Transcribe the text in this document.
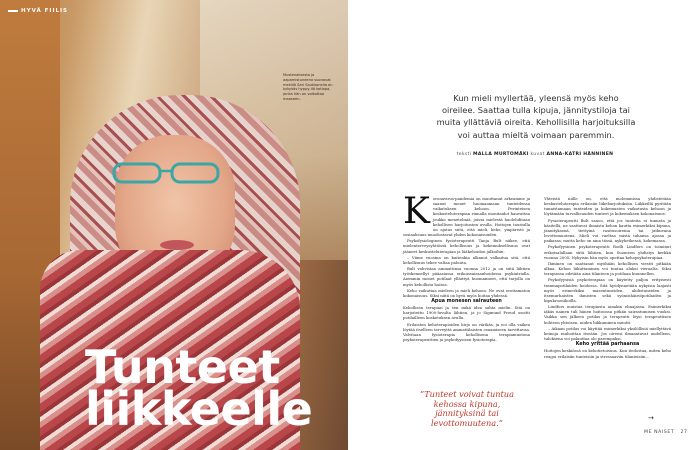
HYVÄ FIILIS
Mustenaksesta ja aapamistuneena suonavat mekillä Sari Saukkonella on kykykäs hyppy-ilä kotiopa, jonka hän on voikottaa maaseen.
Tunteet
liikkeelle
Kun mieli myllertää, yleensä myös keho oireilee. Saattaa tulla kipuja, jännitystiloja tai muita yllättäviä oireita. Kehollisilla harjoituksilla voi auttaa mieltä voimaan paremmin.
teksti MALLA MURTOMÄKI kuvat ANNA-KATRI HÄNNINEN

Koronavirus-pandemia on muuttanut arkeamme ja saanut monet huomaamaan tunteidensa vaikutuksen kehoon. Perinteisen keskusteluterapian rinnalla monitaidot hauvattaa joukko menetelmiä, joissa mielestä huolehditaan kehollisen harjoitusten avulla. Hoitojen taustalla on ajatus siitä, että mieli, keho, ympäristö ja sosiaalisuus muodostavat yhden kokonaisuuden.

Psykofysiologinen fysioterapeutti Tanja Bult näkee, että mielenterveysyhtiössä kehollisuus ja kokemuksellisuus ovat jääneet keskusteluterapian ja lääkehoidon jalkoihin.

– Viime vuosina on kuitenkin alkanut valkaitua sitä, että kehollisuus tekee valtaa paluuta.

Bult vahvistaa ammattinsa vuonna 2012 ja on siitä lähtien työskennellyt pääasiassa erikoissairaanhoidossa psykiatrialla. Aiemmin monet potilaat ylläittyä huomanneet, että tarjolla on myös kehollista hoitoa.

Keho vaikuttaa mieleen ja mieli kehoon. Ne ovat erottamaton kokonaisuus. Siksi niitä on hyvä myös hoitaa yhdessä.

Apua monesen sairauteen

Kehollisen terapian ja sen mikä idea sahta mielin. Sitä on harjoitettu 1900-luvulta lähtien, ja jo Sigmund Freud osoitti potilailleen kosketuksen avulla.

Erilaisten kehoterapioiden kirjo on värikäs, ja voi olla vaikea löytää itselleen terveyttä ammattilaisten osaamiseen tarvittavaa. Valvitaan fysioterapia kehollisena terapiamuotona psykoterapeuttien ja psykofyysisen fysioterapia.

”Tunteet voivat tuntua kehossa kipuna, jännityksinä tai levottomuutena.”

Yhteistä niille on, että molemmissa yhdistetään keskusteluterapia erilaisiin liikeharjoituksiin. Liikkeillä pyritään tunnistamaan tunteiden ja kokemusten vaikutusta kehoon ja löytämään turvallisuuden tunteet ja kokemuksen kokonaisuus.

Fysioterapeutti Bult sanoo, että jos tunteita ei tunneta ja käsitellä, ne saattavat ilmaista kehon kautta esimerkiksi kipuna, jännityksenä, tiettyinä rasitusoireina tai jatkuvana levottomuutena. Mieli voi vaeltaa mistä tahansa ajassa ja paikassa, mutta keho on aina tässä, nykyhetkessä, kokemassa.

Psykofyysinen psykoterapeutti Rodli Lindfors on toiminut erikoisalallaan siitä lähtien, kun Suomeen yhdistys kerkkä vuonna 2005. Nykyisin hän myös opettaa kehopsykoterapiaa.

Ihminen on saattanut myöhään kehollisen viestit pitkään alkaa. Kehon liikuttaminen voi tuntua aluksi vieraalta. Siksi terapiassa edetään aina tilanteen ja potilaan kuunnellen.

Psykofyysisiä psykoterapiaa on käytetty paljon erityisesti traumapotilaiden hoidossa. Sitä hyödynnetään nykyisin laajasti myös erimerkiksi masentuneiden, ahdistuneiden ja itsemurhaisten ihmisten sekä syömishäiriöpotilaiden ja kipukroonikoilla.

Lindfors muistaa terapiasta ainakin elinajassa. Esimerkiksi iäkäs nainen tuli hänen hoitoonsa pitkän sairastumisen vuoksi. Vaikka sen jälkeen potilas ja terapeutti löysi terapeuttisen kohteen yhteisen, niiden liikkuminen muutti.

– Aikaan potilas voi käyttää esimerkiksi yksilöllisiä miellyttävä keinoja rauhoittaa itseään. Jos oireesi ilmaantuvat uudelleen, tuloksena voi palauttaa olo parempaksi.

Keho yrittää parhaansa

Hoitojen keskiössä on kehotietoisuus. Kun tiedostaa, miten keho reagoi erilaisiin tunteisiin ja stressaaviin tilanteisiin...

→
ME NAISET 27
